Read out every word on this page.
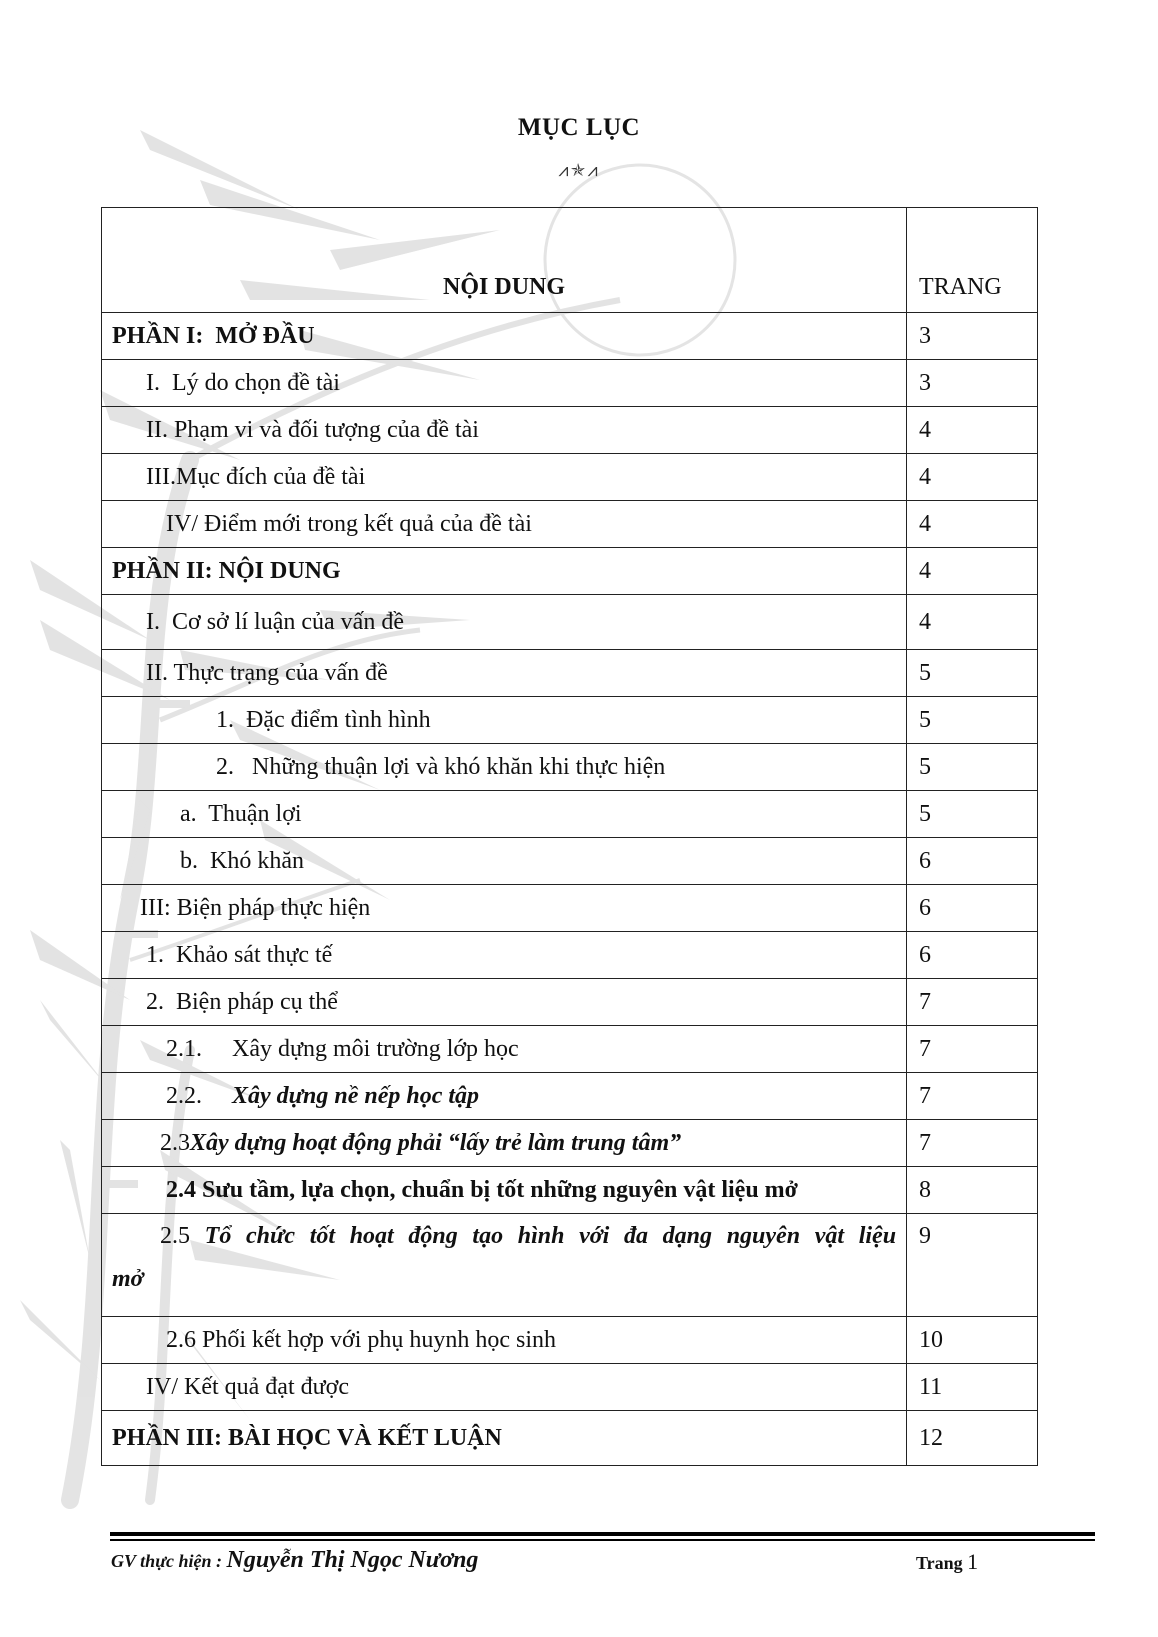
MỤC LỤC
⩘✯⩘
NỘI DUNG	TRANG
PHẦN I:  MỞ ĐẦU	3
I.  Lý do chọn đề tài	3
II. Phạm vi và đối tượng của đề tài	4
III.Mục đích của đề tài	4
IV/ Điểm mới trong kết quả của đề tài	4
PHẦN II: NỘI DUNG	4
I.  Cơ sở lí luận của vấn đề	4
II. Thực trạng của vấn đề	5
1.  Đặc điểm tình hình	5
2.   Những thuận lợi và khó khăn khi thực hiện	5
a.  Thuận lợi	5
b.  Khó khăn	6
III: Biện pháp thực hiện	6
1.  Khảo sát thực tế	6
2.  Biện pháp cụ thể	7
2.1.     Xây dựng môi trường lớp học	7
2.2.     Xây dựng nề nếp học tập	7
2.3Xây dựng hoạt động phải “lấy trẻ làm trung tâm”	7
2.4 Sưu tầm, lựa chọn, chuẩn bị tốt những nguyên vật liệu mở	8

2.5 Tổ chức tốt hoạt động tạo hình với đa dạng nguyên vật liệu
mở	9
2.6 Phối kết hợp với phụ huynh học sinh	10
IV/ Kết quả đạt được	11
PHẦN III: BÀI HỌC VÀ KẾT LUẬN	12
GV thực hiện : Nguyễn Thị Ngọc Nương	Trang 1
